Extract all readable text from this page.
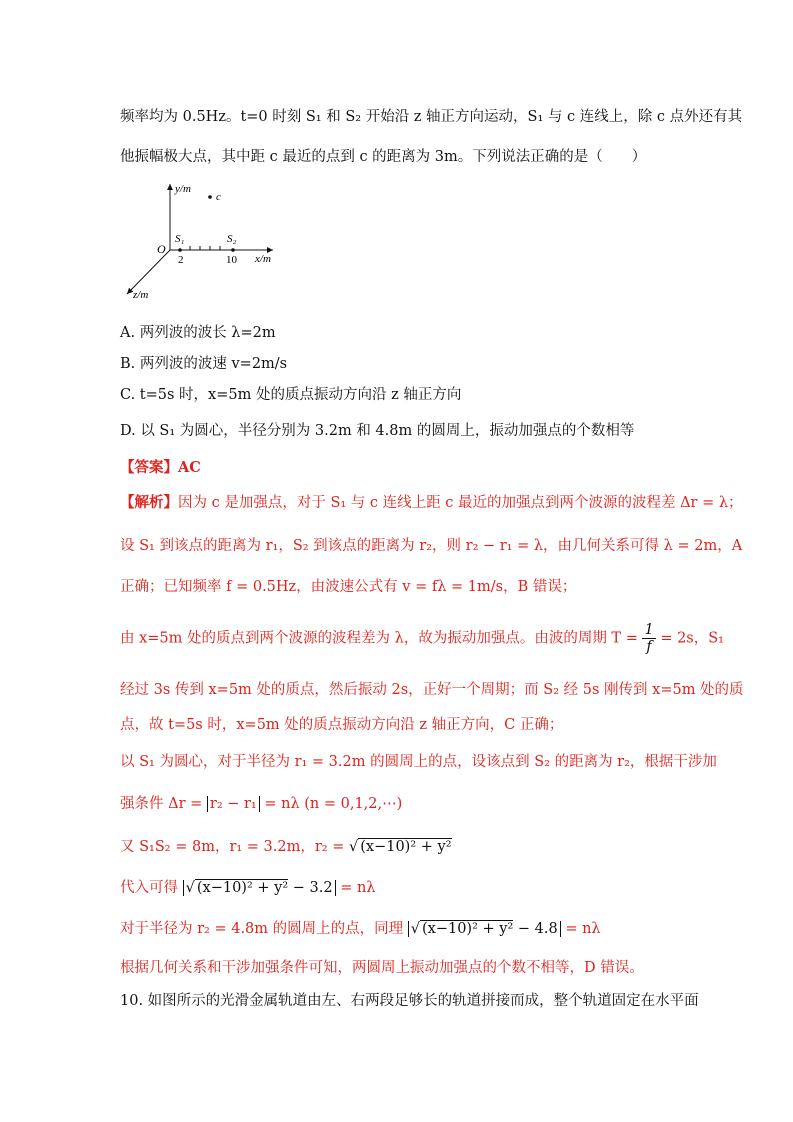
频率均为 0.5Hz。t=0 时刻 S₁ 和 S₂ 开始沿 z 轴正方向运动，S₁ 与 c 连线上，除 c 点外还有其
他振幅极大点，其中距 c 最近的点到 c 的距离为 3m。下列说法正确的是（　　）
y/m
c
O
S₁	S₂
2	10 x/m
z/m
A. 两列波的波长 λ=2m
B. 两列波的波速 v=2m/s
C. t=5s 时，x=5m 处的质点振动方向沿 z 轴正方向
D. 以 S₁ 为圆心，半径分别为 3.2m 和 4.8m 的圆周上，振动加强点的个数相等
【答案】AC
【解析】因为 c 是加强点，对于 S₁ 与 c 连线上距 c 最近的加强点到两个波源的波程差 Δr = λ；
设 S₁ 到该点的距离为 r₁，S₂ 到该点的距离为 r₂，则 r₂ − r₁ = λ，由几何关系可得 λ = 2m，A
正确；已知频率 f = 0.5Hz，由波速公式有 v = fλ = 1m/s，B 错误；
由 x=5m 处的质点到两个波源的波程差为 λ，故为振动加强点。由波的周期 $T = \frac{1}{f} = 2s$，S₁
经过 3s 传到 x=5m 处的质点，然后振动 2s，正好一个周期；而 S₂ 经 5s 刚传到 x=5m 处的质
点，故 t=5s 时，x=5m 处的质点振动方向沿 z 轴正方向，C 正确；
以 S₁ 为圆心，对于半径为 r₁ = 3.2m 的圆周上的点，设该点到 S₂ 的距离为 r₂，根据干涉加
强条件 Δr = r₂ − r₁ = nλ (n = 0,1,2,⋯)
又 S₁S₂ = 8m，r₁ = 3.2m，r₂ = √ (x−10)² + y²
代入可得 √ (x−10)² + y² − 3.2 = nλ
对于半径为 r₂ = 4.8m 的圆周上的点，同理 √ (x−10)² + y² − 4.8 = nλ
根据几何关系和干涉加强条件可知，两圆周上振动加强点的个数不相等，D 错误。
10. 如图所示的光滑金属轨道由左、右两段足够长的轨道拼接而成，整个轨道固定在水平面
